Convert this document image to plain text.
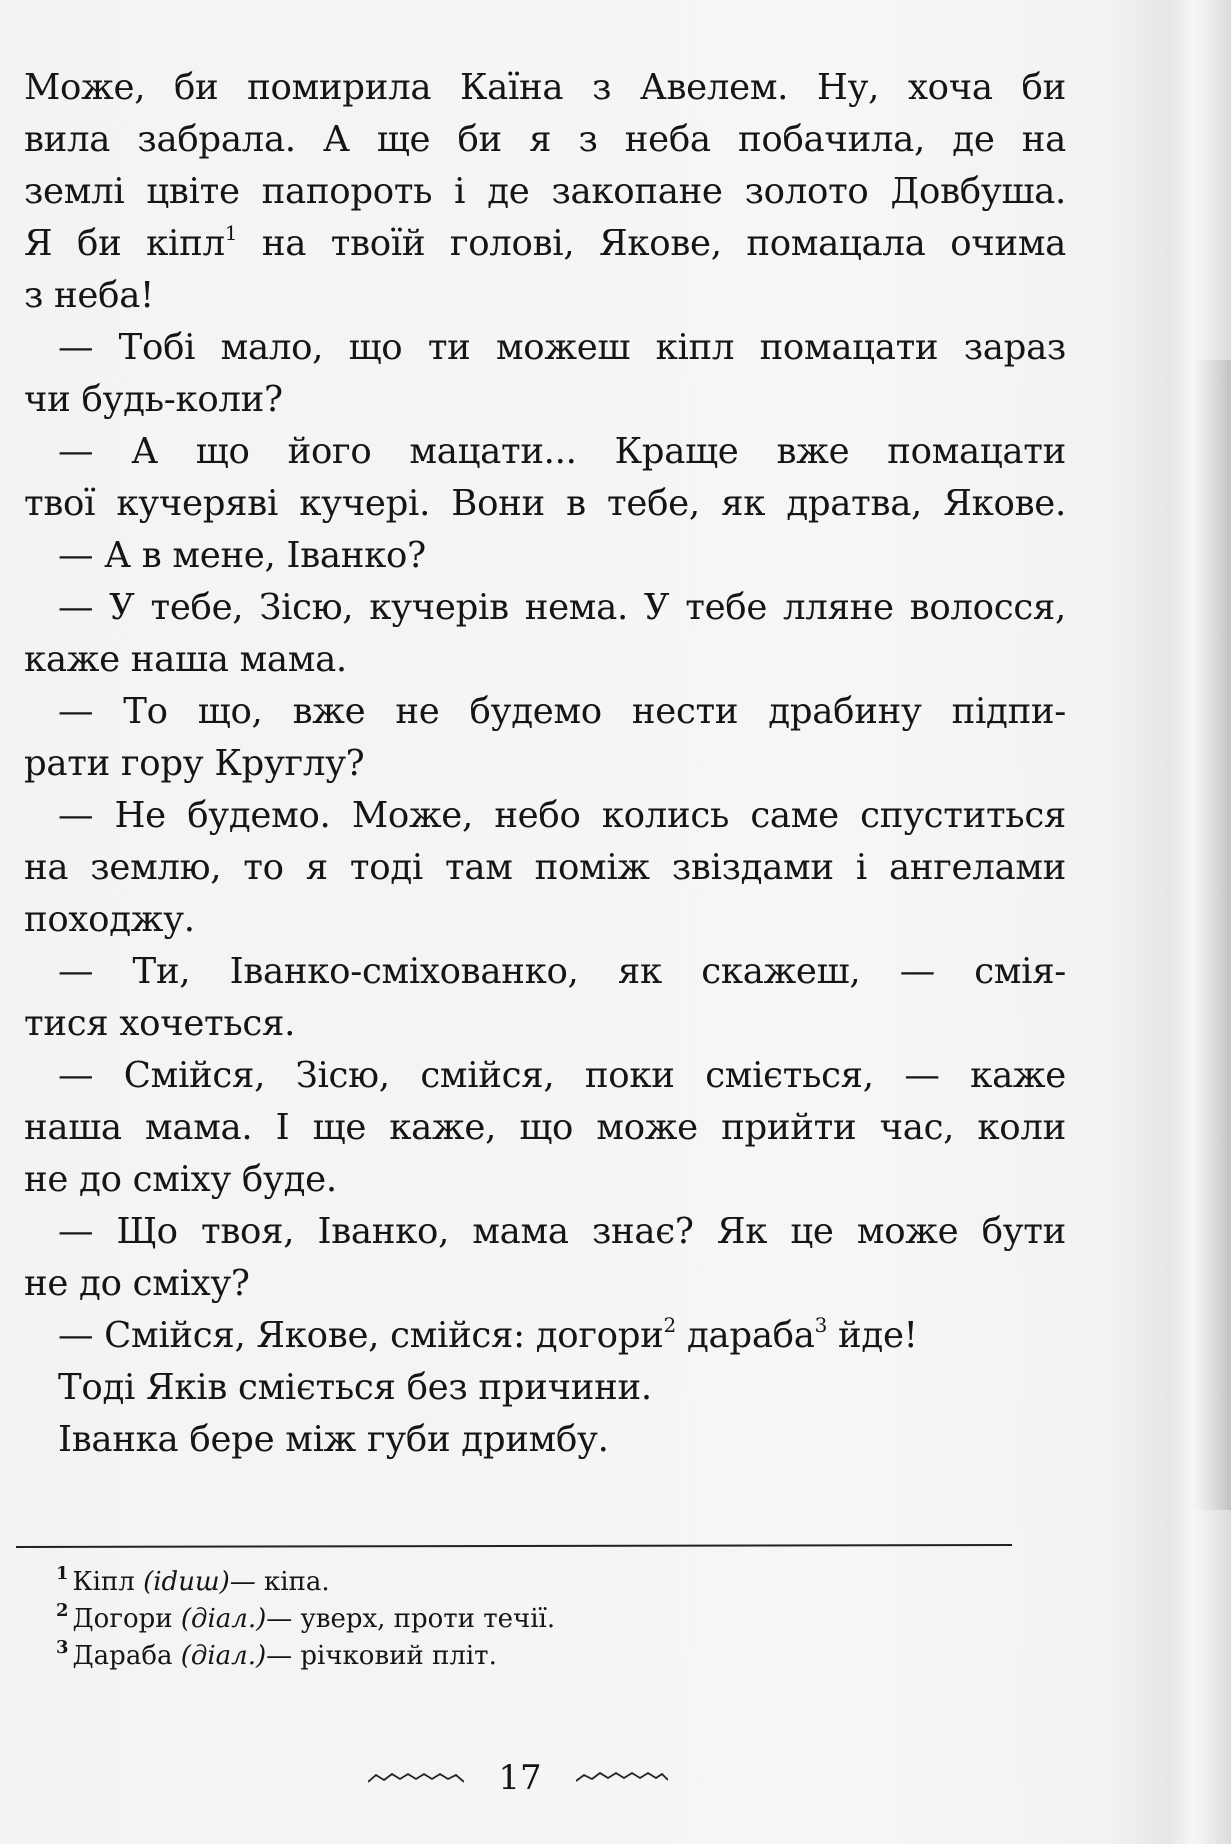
Може, би помирила Каїна з Авелем. Ну, хоча би
вила забрала. А ще би я з неба побачила, де на
землі цвіте папороть і де закопане золото Довбуша.
Я би кіпл$^1$ на твоїй голові, Якове, помацала очима
з неба!
— Тобі мало, що ти можеш кіпл помацати зараз
чи будь-коли?
— А що його мацати... Краще вже помацати
твої кучеряві кучері. Вони в тебе, як дратва, Якове.
— А в мене, Іванко?
— У тебе, Зісю, кучерів нема. У тебе лляне волосся,
каже наша мама.
— То що, вже не будемо нести драбину підпи-
рати гору Круглу?
— Не будемо. Може, небо колись саме спуститься
на землю, то я тоді там поміж звіздами і ангелами
походжу.
— Ти, Іванко-сміхованко, як скажеш, — смія-
тися хочеться.
— Смійся, Зісю, смійся, поки сміється, — каже
наша мама. І ще каже, що може прийти час, коли
не до сміху буде.
— Що твоя, Іванко, мама знає? Як це може бути
не до сміху?
— Смійся, Якове, смійся: догори$^2$ дараба$^3$ йде!
Тоді Яків сміється без причини.
Іванка бере між губи дримбу.
$^1$ Кіпл (idиш)— кіпа.
$^2$ Догори (діал.)— уверх, проти течії.
$^3$ Дараба (діал.)— річковий пліт.
17
